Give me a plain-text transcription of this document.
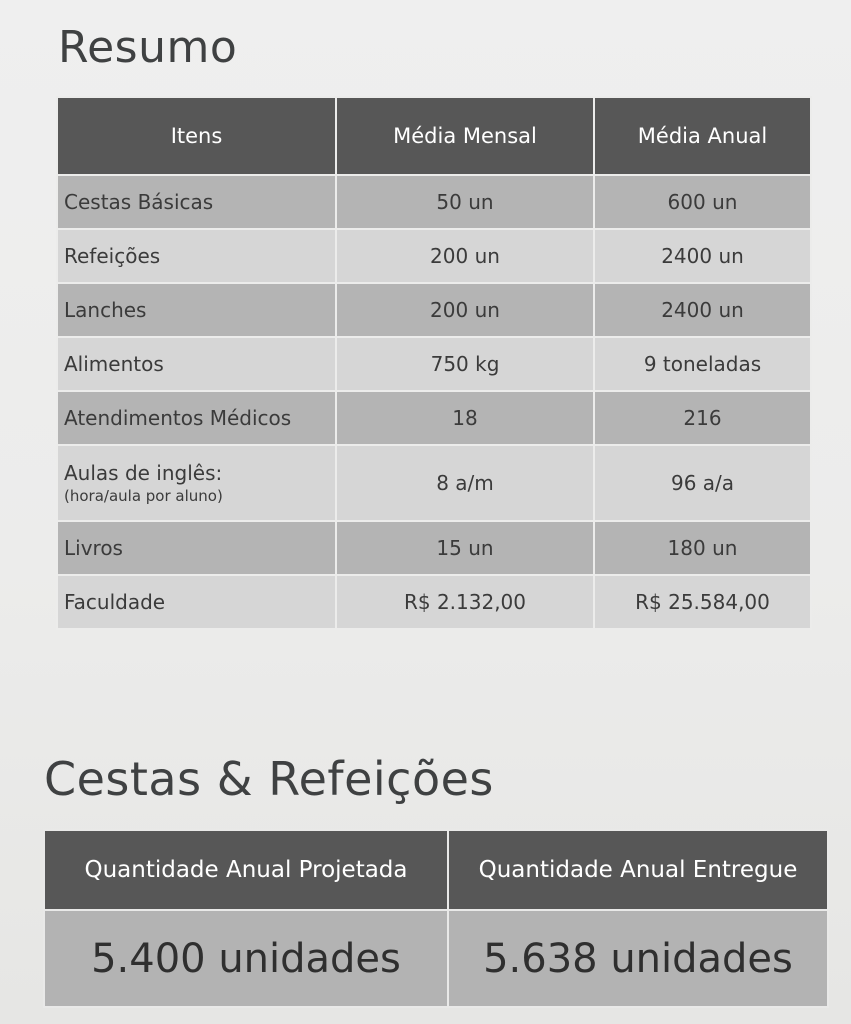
Resumo
Itens	Média Mensal	Média Anual
Cestas Básicas	50 un	600 un
Refeições	200 un	2400 un
Lanches	200 un	2400 un
Alimentos	750 kg	9 toneladas
Atendimentos Médicos	18	216
Aulas de inglês:
(hora/aula por aluno)	8 a/m	96 a/a
Livros	15 un	180 un
Faculdade	R$ 2.132,00	R$ 25.584,00
Cestas & Refeições
Quantidade Anual Projetada	Quantidade Anual Entregue
5.400 unidades	5.638 unidades
